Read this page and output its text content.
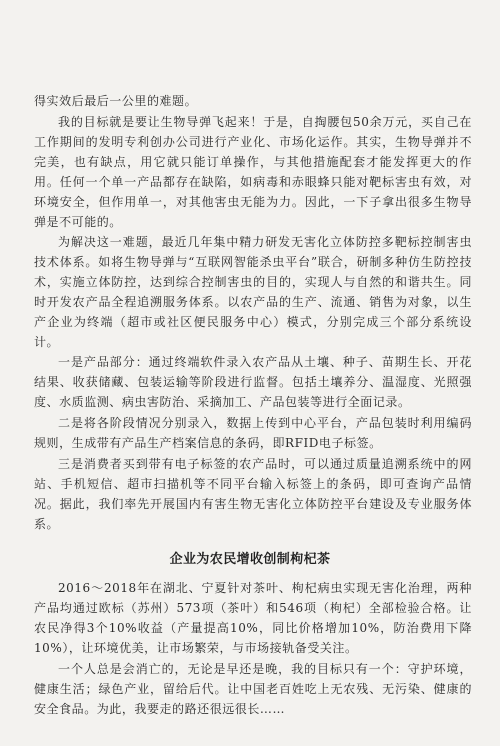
得实效后最后一公里的难题。

我的目标就是要让生物导弹飞起来！于是，自掏腰包50余万元，买自己在工作期间的发明专利创办公司进行产业化、市场化运作。其实，生物导弹并不完美，也有缺点，用它就只能订单操作，与其他措施配套才能发挥更大的作用。任何一个单一产品都存在缺陷，如病毒和赤眼蜂只能对靶标害虫有效，对环境安全，但作用单一，对其他害虫无能为力。因此，一下子拿出很多生物导弹是不可能的。

为解决这一难题，最近几年集中精力研发无害化立体防控多靶标控制害虫技术体系。如将生物导弹与“互联网智能杀虫平台”联合，研制多种仿生防控技术，实施立体防控，达到综合控制害虫的目的，实现人与自然的和谐共生。同时开发农产品全程追溯服务体系。以农产品的生产、流通、销售为对象，以生产企业为终端（超市或社区便民服务中心）模式，分别完成三个部分系统设计。

一是产品部分：通过终端软件录入农产品从土壤、种子、苗期生长、开花结果、收获储藏、包装运输等阶段进行监督。包括土壤养分、温湿度、光照强度、水质监测、病虫害防治、采摘加工、产品包装等进行全面记录。

企业为农民增收创制枸杞茶

2016～2018年在湖北、宁夏针对茶叶、枸杞病虫实现无害化治理，两种产品均通过欧标（苏州）573项（茶叶）和546项（枸杞）全部检验合格。让农民净得3个10%收益（产量提高10%，同比价格增加10%，防治费用下降10%），让环境优美，让市场繁荣，与市场接轨备受关注。

一个人总是会消亡的，无论是早还是晚，我的目标只有一个：守护环境，健康生活；绿色产业，留给后代。让中国老百姓吃上无农残、无污染、健康的安全食品。为此，我要走的路还很远很长……

二是将各阶段情况分别录入，数据上传到中心平台，产品包装时利用编码规则，生成带有产品生产档案信息的条码，即RFID电子标签。

三是消费者买到带有电子标签的农产品时，可以通过质量追溯系统中的网站、手机短信、超市扫描机等不同平台输入标签上的条码，即可查询产品情况。据此，我们率先开展国内有害生物无害化立体防控平台建设及专业服务体系。
